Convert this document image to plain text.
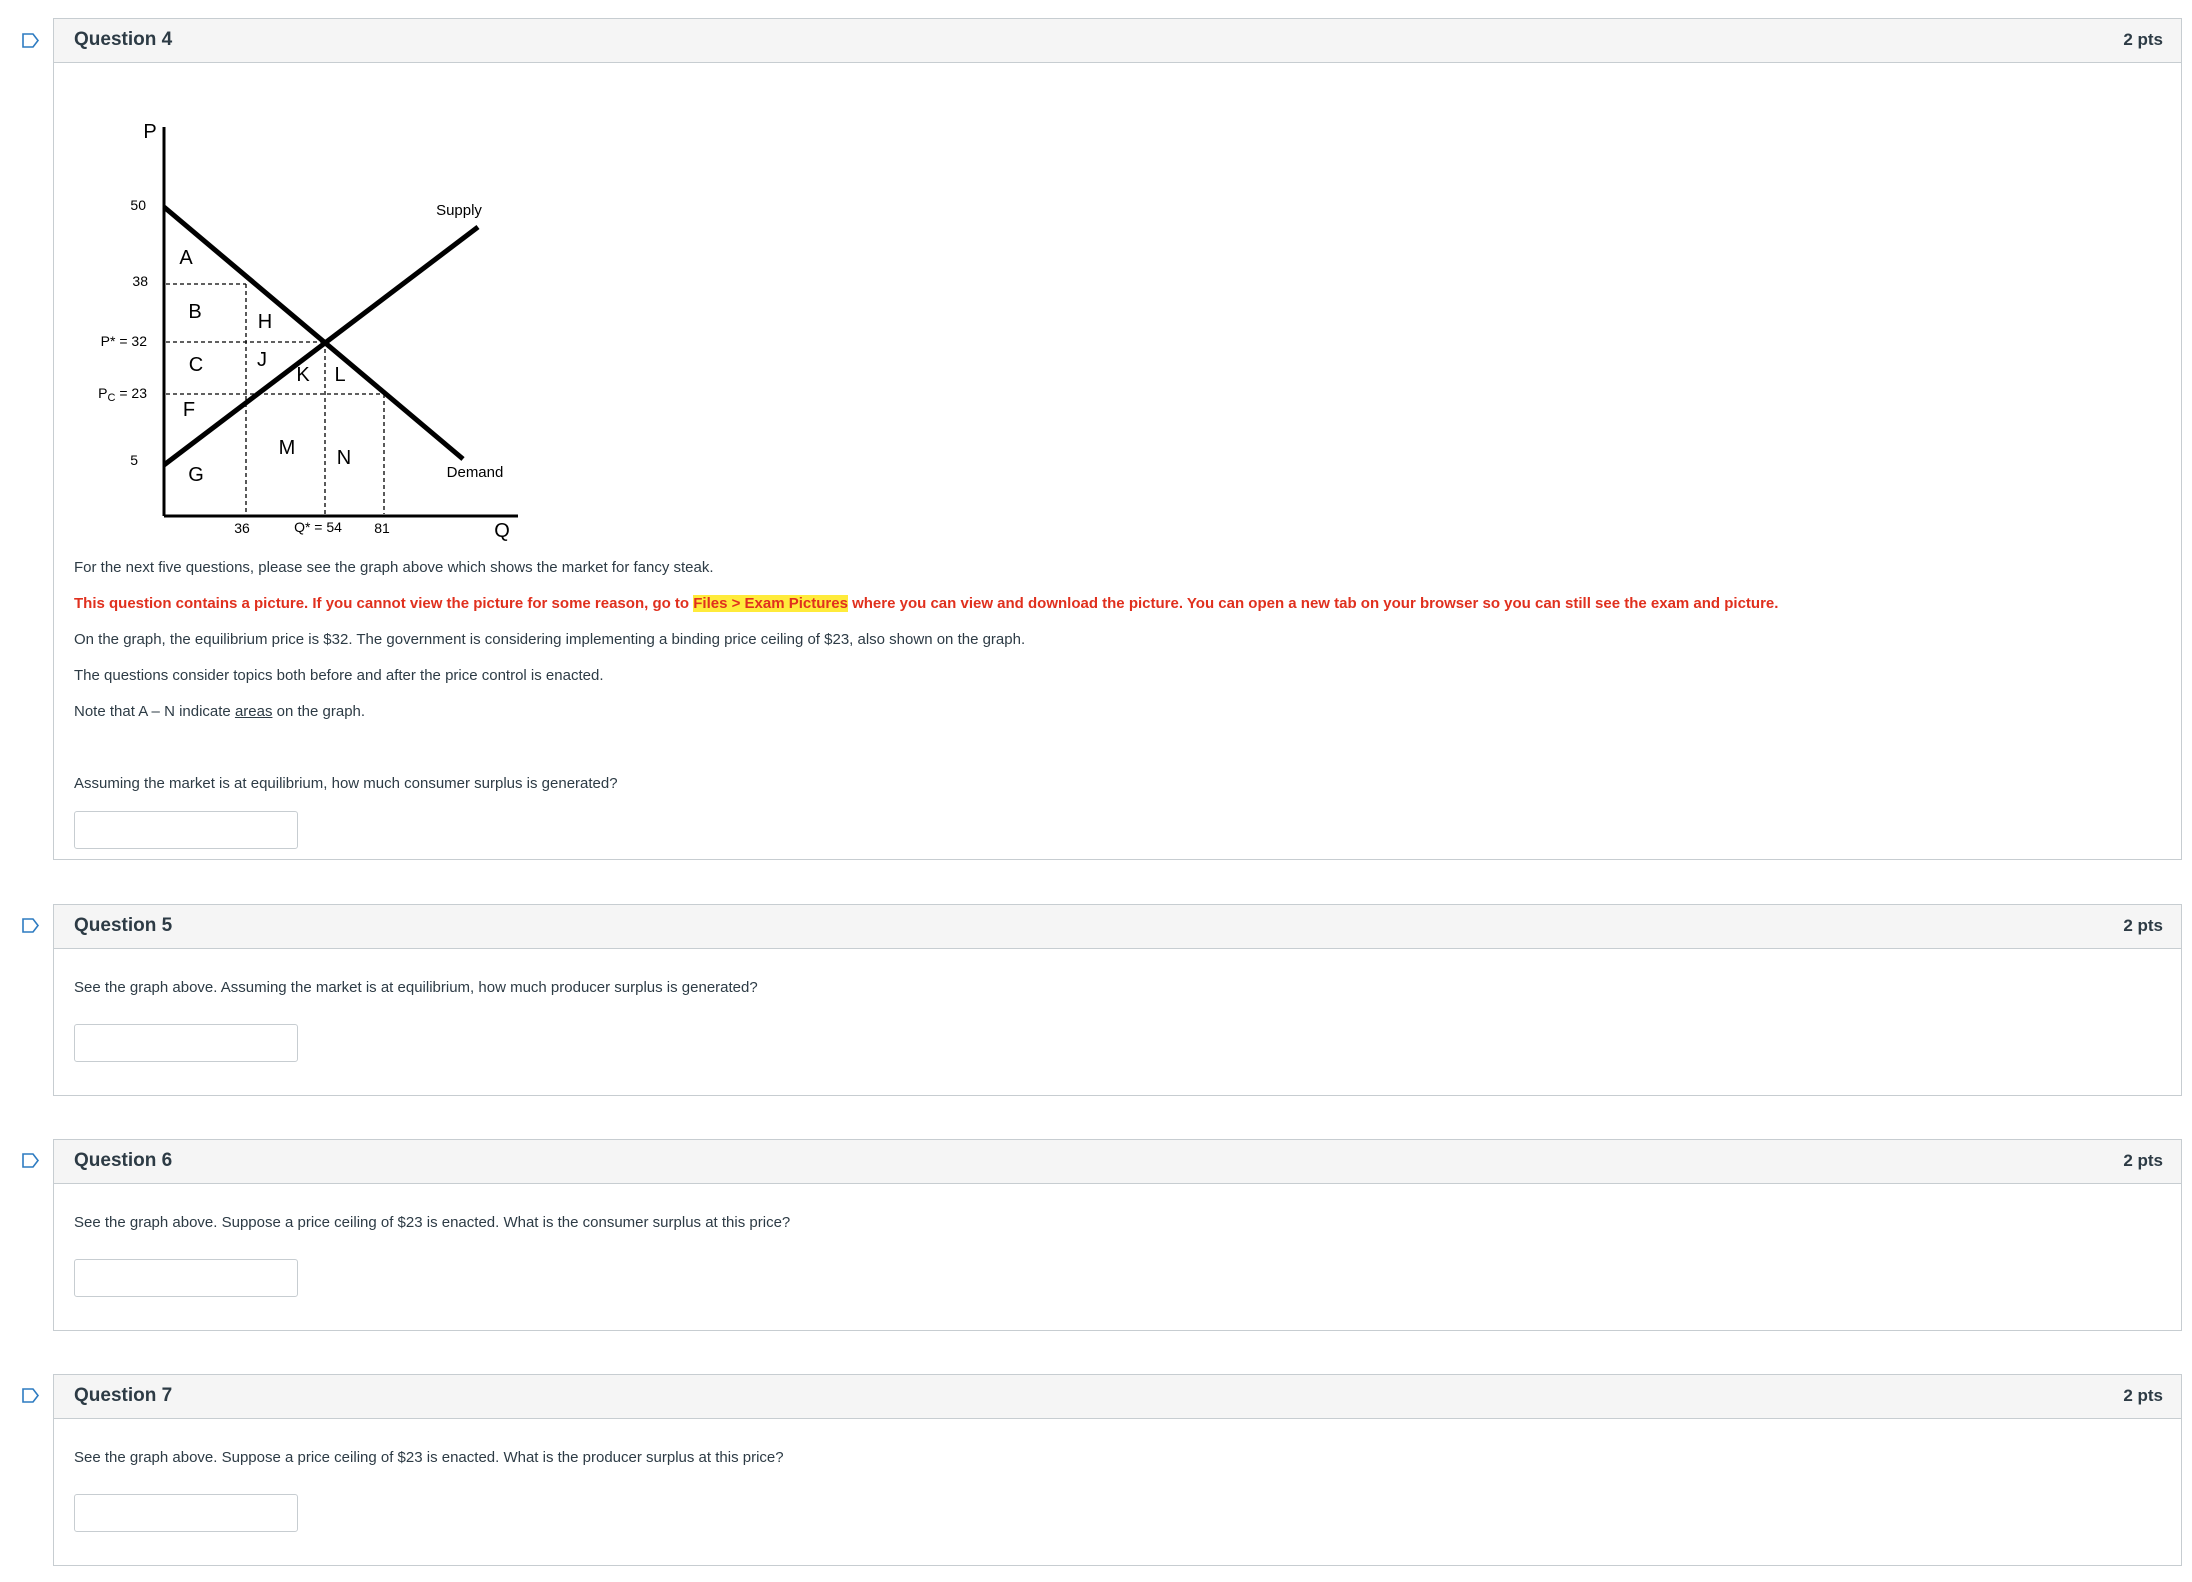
Question 4	2 pts
P
Q
Supply
Demand
50
38
P* = 32
$P_C = 23$
5
36	Q* = 54 81
A
B
C
F
G
H
J
K L
M N
For the next five questions, please see the graph above which shows the market for fancy steak.
This question contains a picture. If you cannot view the picture for some reason, go to Files > Exam Pictures where you can view and download the picture. You can open a new tab on your browser so you can still see the exam and picture.
On the graph, the equilibrium price is $32. The government is considering implementing a binding price ceiling of $23, also shown on the graph.
The questions consider topics both before and after the price control is enacted.
Note that A – N indicate areas on the graph.
Assuming the market is at equilibrium, how much consumer surplus is generated?
Question 5	2 pts
See the graph above. Assuming the market is at equilibrium, how much producer surplus is generated?
Question 6	2 pts
See the graph above. Suppose a price ceiling of $23 is enacted. What is the consumer surplus at this price?
Question 7	2 pts
See the graph above. Suppose a price ceiling of $23 is enacted. What is the producer surplus at this price?
